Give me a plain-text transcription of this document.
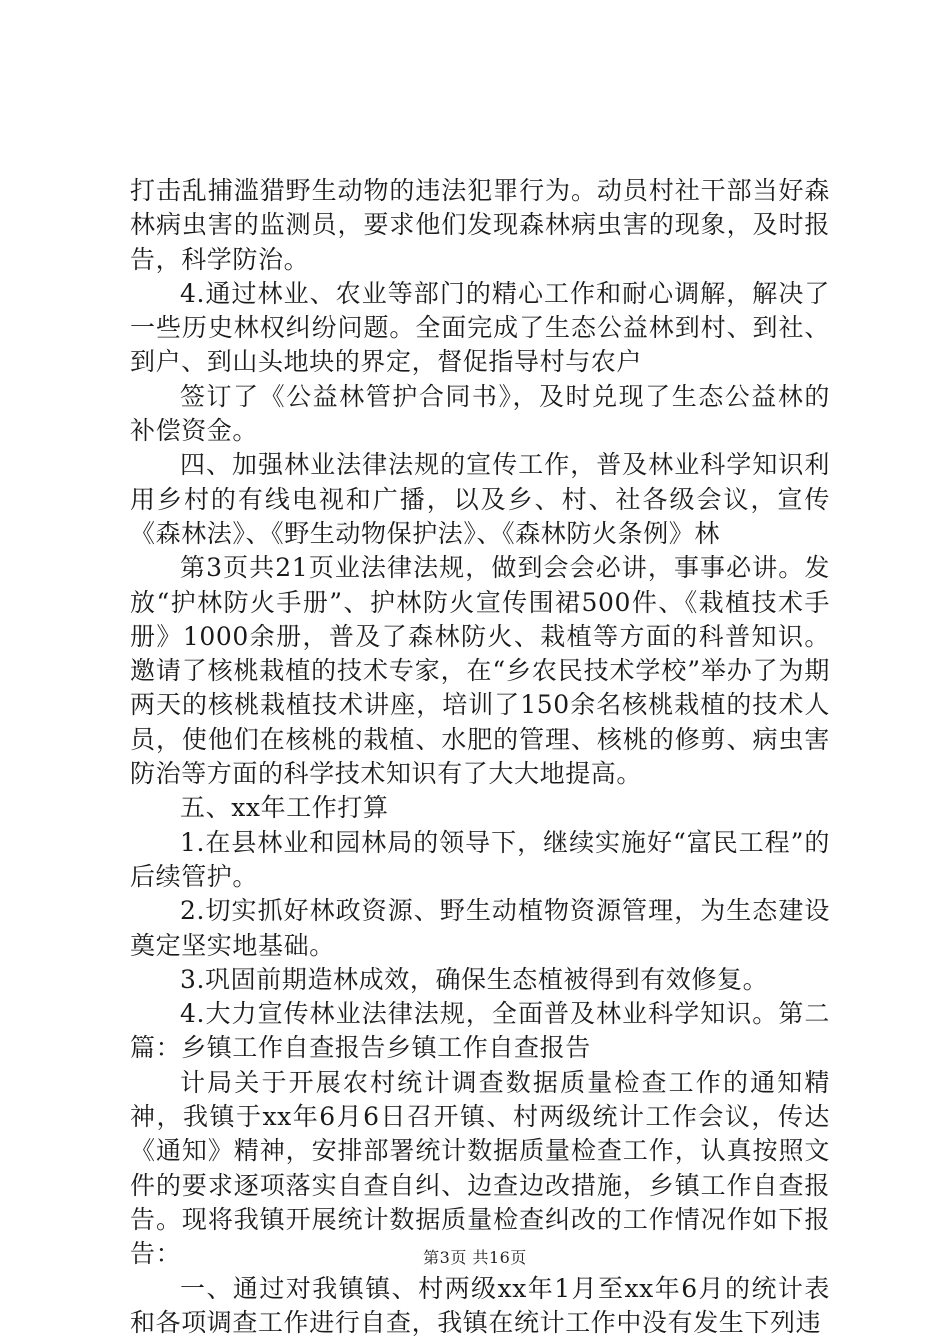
打击乱捕滥猎野生动物的违法犯罪行为。动员村社干部当好森林病虫害的监测员，要求他们发现森林病虫害的现象，及时报告，科学防治。

4.通过林业、农业等部门的精心工作和耐心调解，解决了一些历史林权纠纷问题。全面完成了生态公益林到村、到社、到户、到山头地块的界定，督促指导村与农户

签订了《公益林管护合同书》，及时兑现了生态公益林的补偿资金。

四、加强林业法律法规的宣传工作，普及林业科学知识利用乡村的有线电视和广播，以及乡、村、社各级会议，宣传《森林法》、《野生动物保护法》、《森林防火条例》林

第3页共21页业法律法规，做到会会必讲，事事必讲。发放“护林防火手册”、护林防火宣传围裙500件、《栽植技术手册》1000余册，普及了森林防火、栽植等方面的科普知识。邀请了核桃栽植的技术专家，在“乡农民技术学校”举办了为期两天的核桃栽植技术讲座，培训了150余名核桃栽植的技术人员，使他们在核桃的栽植、水肥的管理、核桃的修剪、病虫害防治等方面的科学技术知识有了大大地提高。

五、xx年工作打算

1.在县林业和园林局的领导下，继续实施好“富民工程”的后续管护。

2.切实抓好林政资源、野生动植物资源管理，为生态建设奠定坚实地基础。

3.巩固前期造林成效，确保生态植被得到有效修复。

4.大力宣传林业法律法规，全面普及林业科学知识。第二篇：乡镇工作自查报告乡镇工作自查报告

计局关于开展农村统计调查数据质量检查工作的通知精神，我镇于xx年6月6日召开镇、村两级统计工作会议，传达《通知》精神，安排部署统计数据质量检查工作，认真按照文件的要求逐项落实自查自纠、边查边改措施，乡镇工作自查报告。现将我镇开展统计数据质量检查纠改的工作情况作如下报告：

一、通过对我镇镇、村两级xx年1月至xx年6月的统计表和各项调查工作进行自查，我镇在统计工作中没有发生下列违

第3页 共16页
